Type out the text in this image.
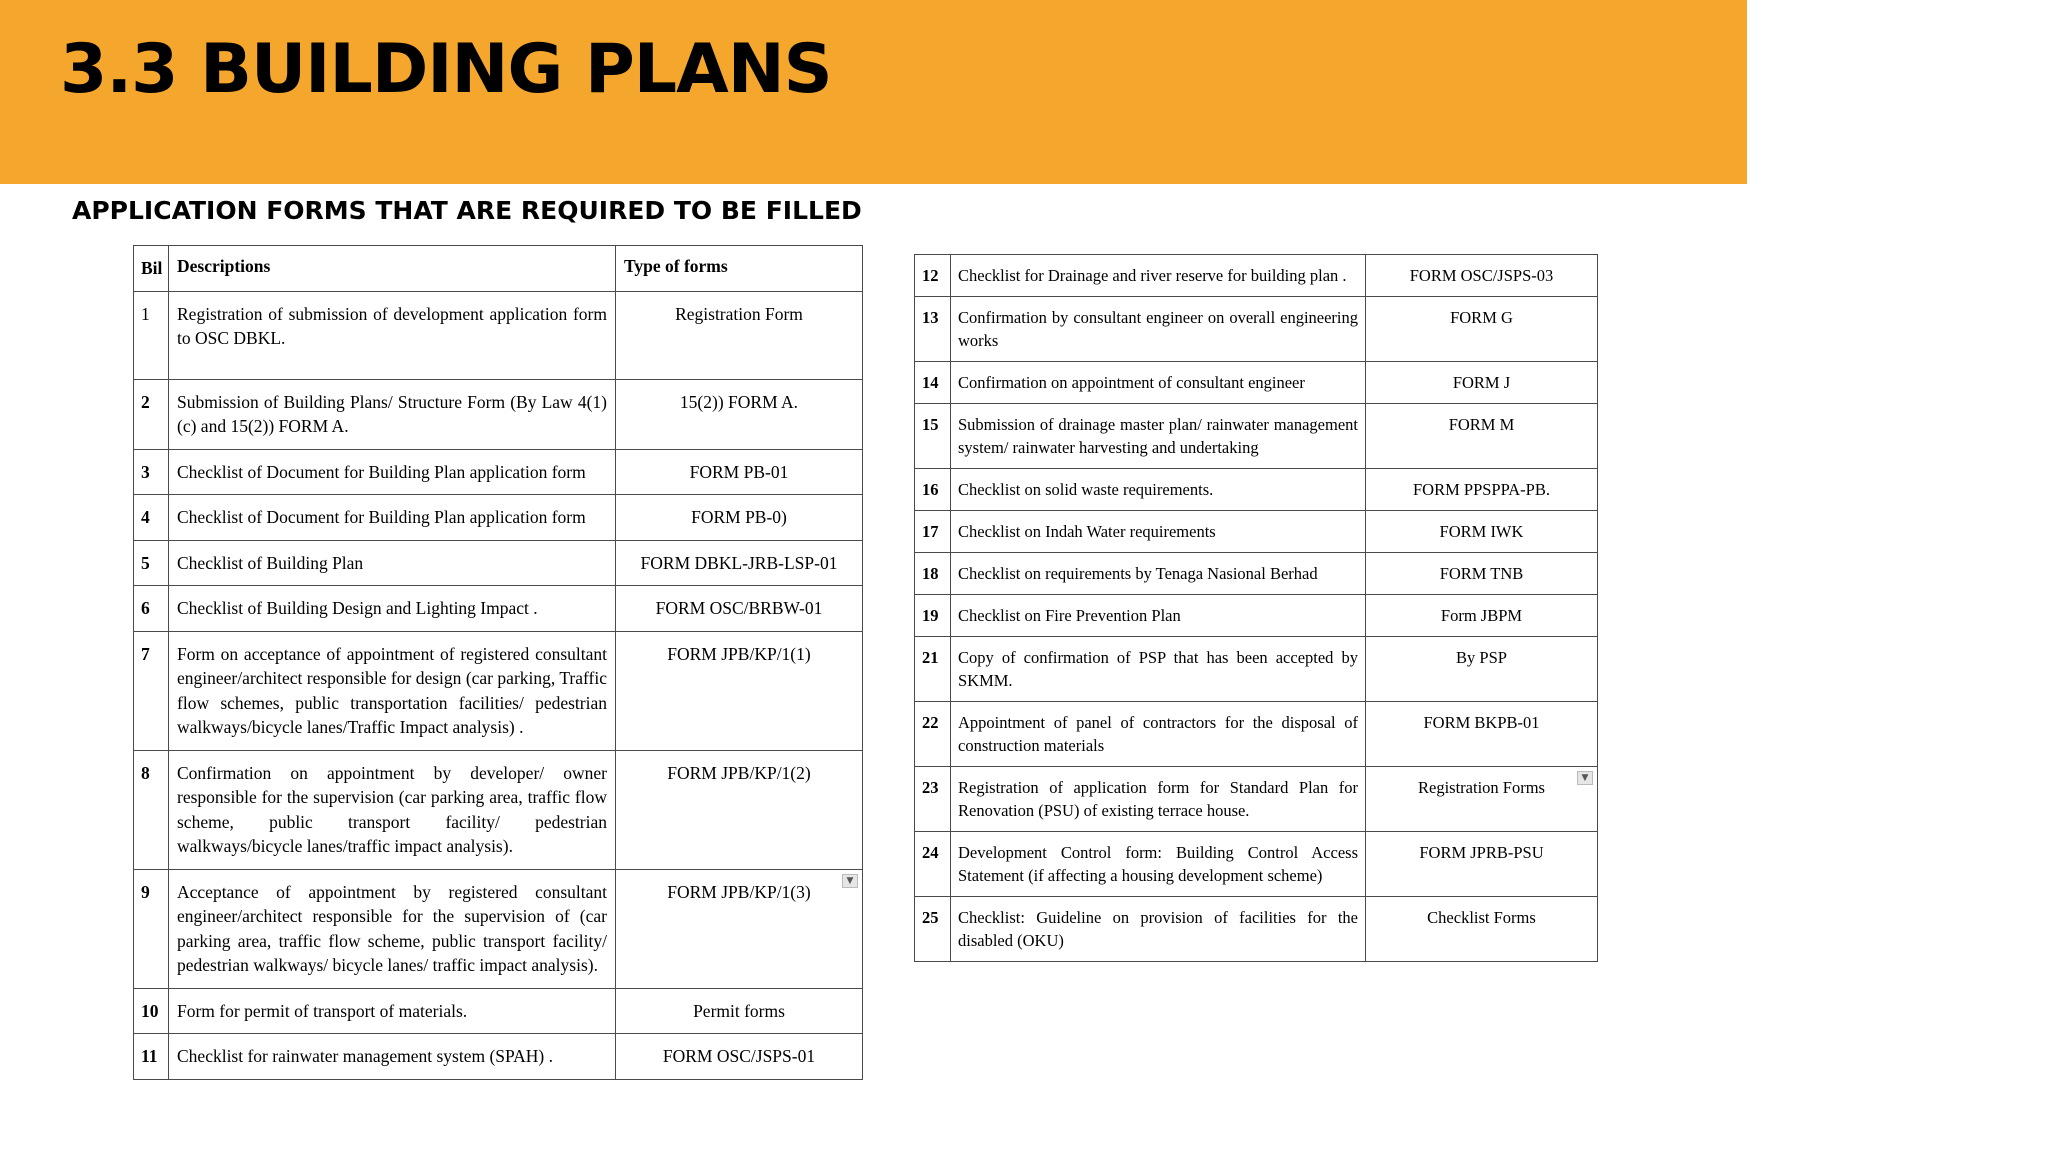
3.3 BUILDING PLANS
APPLICATION FORMS THAT ARE REQUIRED TO BE FILLED
Bil	Descriptions	Type of forms
1	Registration of submission of development application form to OSC DBKL.	Registration Form
2	Submission of Building Plans/ Structure Form (By Law 4(1) (c) and 15(2)) FORM A.	15(2)) FORM A.
3	Checklist of Document for Building Plan application form	FORM PB-01
4	Checklist of Document for Building Plan application form	FORM PB-0)
5	Checklist of Building Plan	FORM DBKL-JRB-LSP-01
6	Checklist of Building Design and Lighting Impact .	FORM OSC/BRBW-01
7	Form on acceptance of appointment of registered consultant engineer/architect responsible for design (car parking, Traffic flow schemes, public transportation facilities/ pedestrian walkways/bicycle lanes/Traffic Impact analysis) .	FORM JPB/KP/1(1)
8	Confirmation on appointment by developer/ owner responsible for the supervision (car parking area, traffic flow scheme, public transport facility/ pedestrian walkways/bicycle lanes/traffic impact analysis).	FORM JPB/KP/1(2)
9	Acceptance of appointment by registered consultant engineer/architect responsible for the supervision of (car parking area, traffic flow scheme, public transport facility/ pedestrian walkways/ bicycle lanes/ traffic impact analysis).	FORM JPB/KP/1(3)
▼

10	Form for permit of transport of materials.	Permit forms
11	Checklist for rainwater management system (SPAH) .	FORM OSC/JSPS-01
12	Checklist for Drainage and river reserve for building plan .	FORM OSC/JSPS-03
13	Confirmation by consultant engineer on overall engineering works	FORM G
14	Confirmation on appointment of consultant engineer	FORM J
15	Submission of drainage master plan/ rainwater management system/ rainwater harvesting and undertaking	FORM M
16	Checklist on solid waste requirements.	FORM PPSPPA-PB.
17	Checklist on Indah Water requirements	FORM IWK
18	Checklist on requirements by Tenaga Nasional Berhad	FORM TNB
19	Checklist on Fire Prevention Plan	Form JBPM
21	Copy of confirmation of PSP that has been accepted by SKMM.	By PSP
22	Appointment of panel of contractors for the disposal of construction materials	FORM BKPB-01
23	Registration of application form for Standard Plan for Renovation (PSU) of existing terrace house.	Registration Forms ▼

24	Development Control form: Building Control Access Statement (if affecting a housing development scheme)	FORM JPRB-PSU
25	Checklist: Guideline on provision of facilities for the disabled (OKU)	Checklist Forms
